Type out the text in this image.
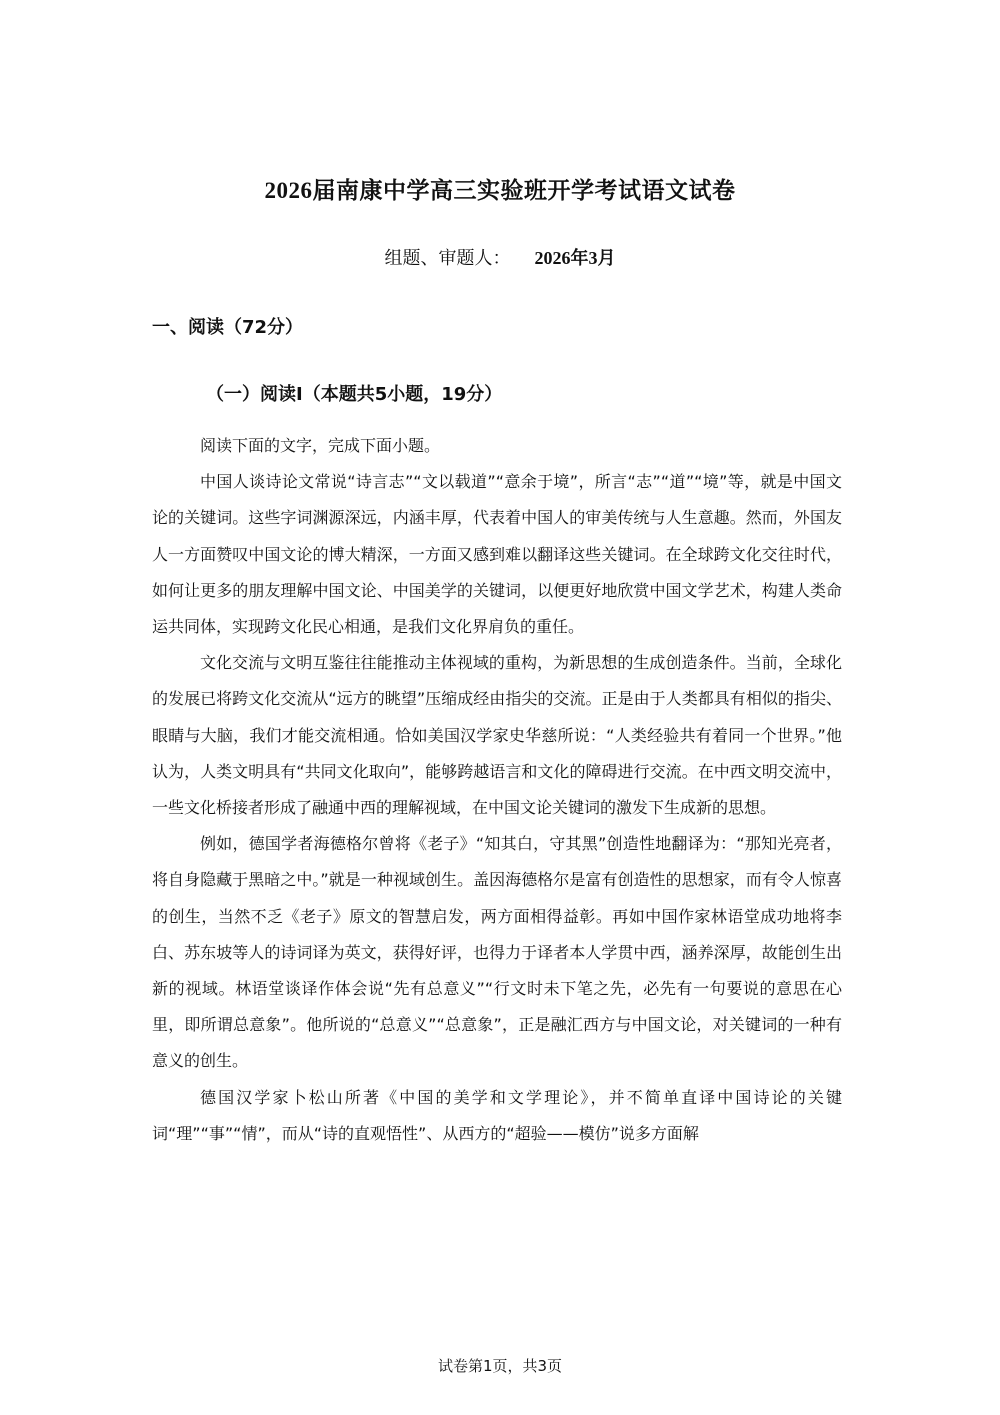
2026届南康中学高三实验班开学考试语文试卷
组题、审题人： 2026年3月
一、阅读（72分）
（一）阅读Ⅰ（本题共5小题，19分）

阅读下面的文字，完成下面小题。

中国人谈诗论文常说“诗言志”“文以载道”“意余于境”，所言“志”“道”“境”等，就是中国文论的关键词。这些字词渊源深远，内涵丰厚，代表着中国人的审美传统与人生意趣。然而，外国友人一方面赞叹中国文论的博大精深，一方面又感到难以翻译这些关键词。在全球跨文化交往时代，如何让更多的朋友理解中国文论、中国美学的关键词，以便更好地欣赏中国文学艺术，构建人类命运共同体，实现跨文化民心相通，是我们文化界肩负的重任。

文化交流与文明互鉴往往能推动主体视域的重构，为新思想的生成创造条件。当前，全球化的发展已将跨文化交流从“远方的眺望”压缩成经由指尖的交流。正是由于人类都具有相似的指尖、眼睛与大脑，我们才能交流相通。恰如美国汉学家史华慈所说：“人类经验共有着同一个世界。”他认为，人类文明具有“共同文化取向”，能够跨越语言和文化的障碍进行交流。在中西文明交流中，一些文化桥接者形成了融通中西的理解视域，在中国文论关键词的激发下生成新的思想。

例如，德国学者海德格尔曾将《老子》“知其白，守其黑”创造性地翻译为：“那知光亮者，将自身隐藏于黑暗之中。”就是一种视域创生。盖因海德格尔是富有创造性的思想家，而有令人惊喜的创生，当然不乏《老子》原文的智慧启发，两方面相得益彰。再如中国作家林语堂成功地将李白、苏东坡等人的诗词译为英文，获得好评，也得力于译者本人学贯中西，涵养深厚，故能创生出新的视域。林语堂谈译作体会说“先有总意义”“行文时未下笔之先，必先有一句要说的意思在心里，即所谓总意象”。他所说的“总意义”“总意象”，正是融汇西方与中国文论，对关键词的一种有意义的创生。

德国汉学家卜松山所著《中国的美学和文学理论》，并不简单直译中国诗论的关键词“理”“事”“情”，而从“诗的直观悟性”、从西方的“超验——模仿”说多方面解

试卷第1页，共3页
